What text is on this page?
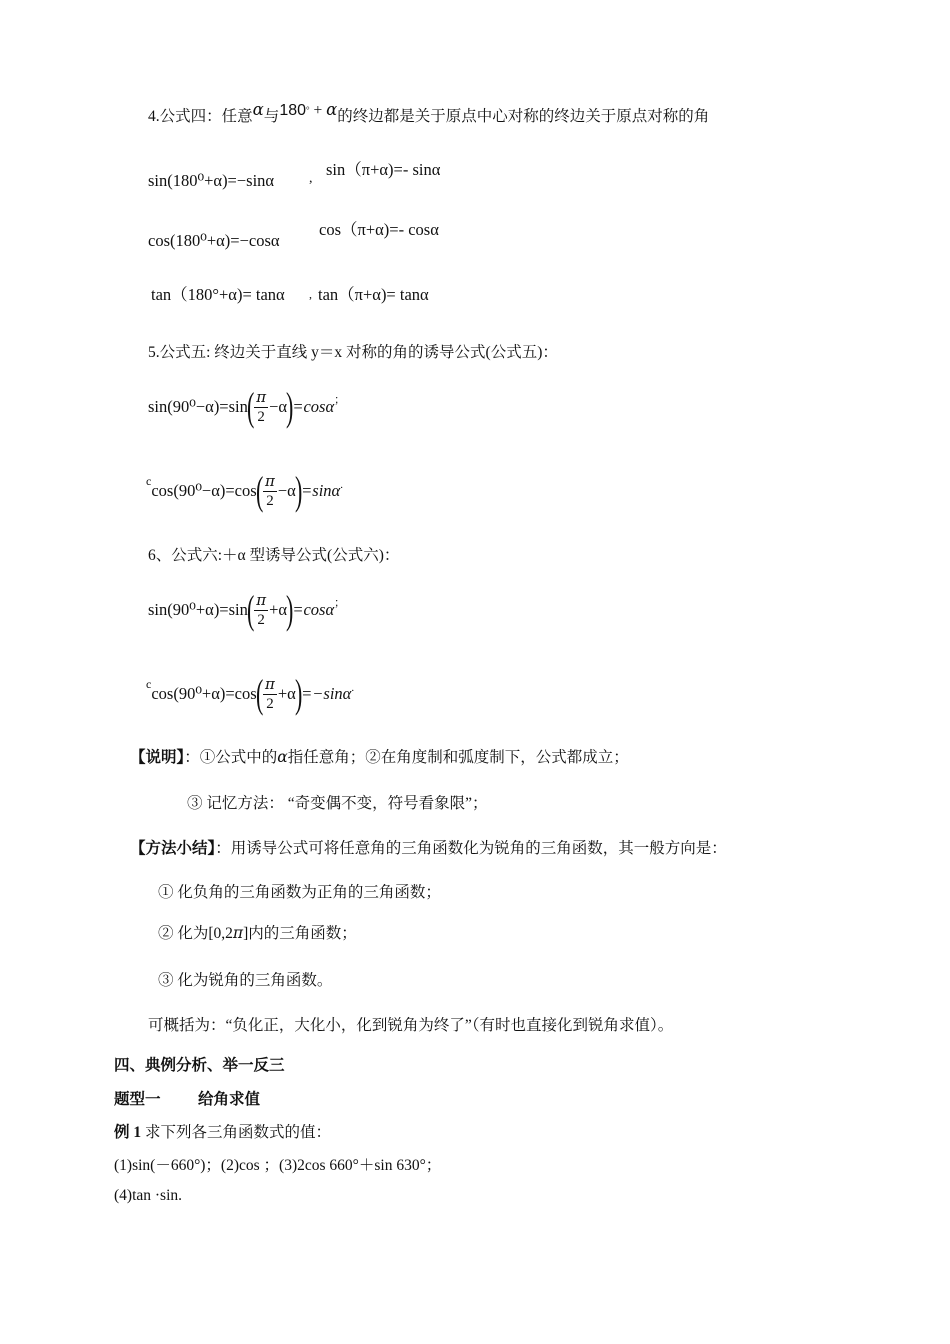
4.公式四：任意α与180° + α的终边都是关于原点中心对称的终边关于原点对称的角
sin(180⁰+α)=−sinα , sin（π+α)=- sinα
cos(180⁰+α)=−cosα
cos（π+α)=- cosα
tan（180°+α)= tanα , tan（π+α)= tanα
5.公式五: 终边关于直线 y＝x 对称的角的诱导公式(公式五)：
sin(90⁰−α)=sin
( $\frac{\pi}{2} -\alpha$
)
=cosα ；
c
cos(90⁰−α)=cos
( $\frac{\pi}{2} -\alpha$
)
=sinα .
6、公式六:＋α 型诱导公式(公式六)：
sin(90⁰+α)=sin
( $\frac{\pi}{2} +\alpha$
)
=cosα ；
c
cos(90⁰+α)=cos
( $\frac{\pi}{2} +\alpha$
)
=−sinα .
【说明】：①公式中的α指任意角；②在角度制和弧度制下，公式都成立；
③ 记忆方法： “奇变偶不变，符号看象限”；
【方法小结】：用诱导公式可将任意角的三角函数化为锐角的三角函数，其一般方向是：
① 化负角的三角函数为正角的三角函数；
② 化为[0,2π]内的三角函数；
③ 化为锐角的三角函数。
可概括为：“负化正，大化小，化到锐角为终了”（有时也直接化到锐角求值）。
四、典例分析、举一反三
题型一 给角求值
例 1 求下列各三角函数式的值：
(1)sin(－660°)；(2)cos ；(3)2cos 660°＋sin 630°；
(4)tan ·sin.
